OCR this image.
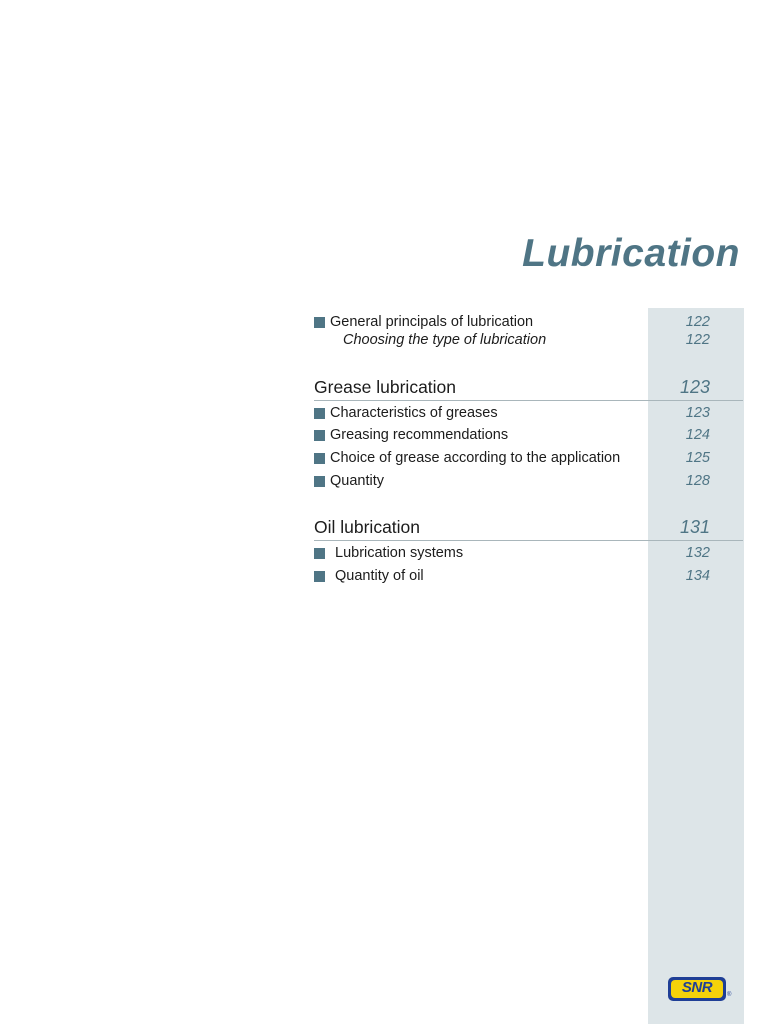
Lubrication
General principals of lubrication	122
Choosing the type of lubrication	122
Grease lubrication	123
Characteristics of greases	123
Greasing recommendations	124
Choice of grease according to the application	125
Quantity	128
Oil lubrication	131
Lubrication systems	132
Quantity of oil	134
SNR	®
